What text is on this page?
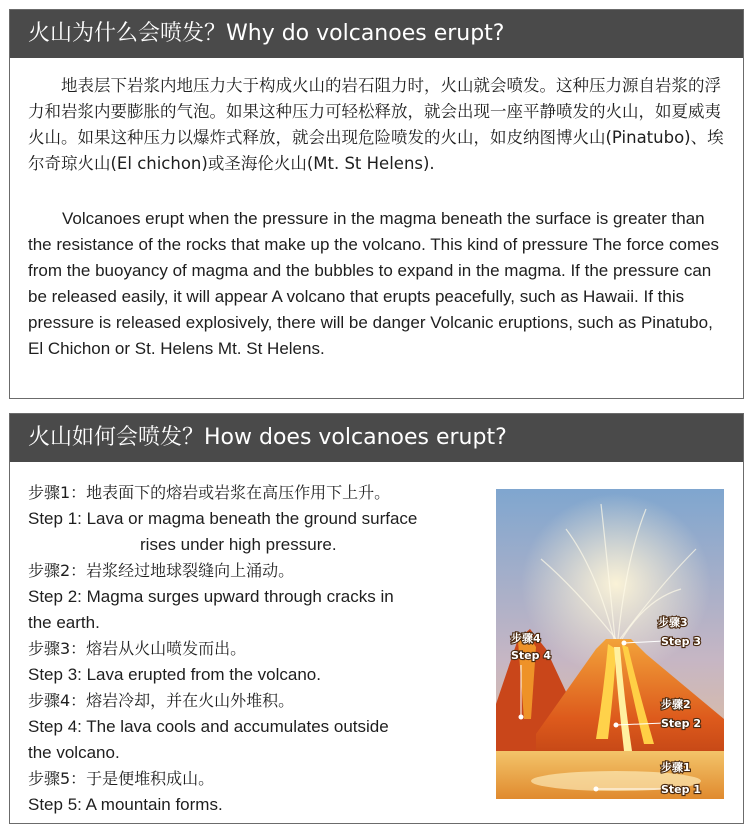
火山为什么会喷发？Why do volcanoes erupt?

地表层下岩浆内地压力大于构成火山的岩石阻力时，火山就会喷发。这种压力源自岩浆的浮力和岩浆内要膨胀的气泡。如果这种压力可轻松释放，就会出现一座平静喷发的火山，如夏威夷火山。如果这种压力以爆炸式释放，就会出现危险喷发的火山，如皮纳图博火山(Pinatubo)、埃尔奇琼火山(El chichon)或圣海伦火山(Mt. St Helens).

Volcanoes erupt when the pressure in the magma beneath the surface is greater than the resistance of the rocks that make up the volcano. This kind of pressure The force comes from the buoyancy of magma and the bubbles to expand in the magma. If the pressure can be released easily, it will appear A volcano that erupts peacefully, such as Hawaii. If this pressure is released explosively, there will be danger Volcanic eruptions, such as Pinatubo, El Chichon or St. Helens Mt. St Helens.

火山如何会喷发？How does volcanoes erupt?
步骤1：地表面下的熔岩或岩浆在高压作用下上升。
Step 1: Lava or magma beneath the ground surface
rises under high pressure.
步骤2：岩浆经过地球裂缝向上涌动。
Step 2: Magma surges upward through cracks in
the earth.
步骤3：熔岩从火山喷发而出。
Step 3: Lava erupted from the volcano.
步骤4：熔岩冷却，并在火山外堆积。
Step 4: The lava cools and accumulates outside
the volcano.
步骤5：于是便堆积成山。
Step 5: A mountain forms.
步骤3
Step 3
步骤4
Step 4
步骤2
Step 2
步骤1
Step 1
